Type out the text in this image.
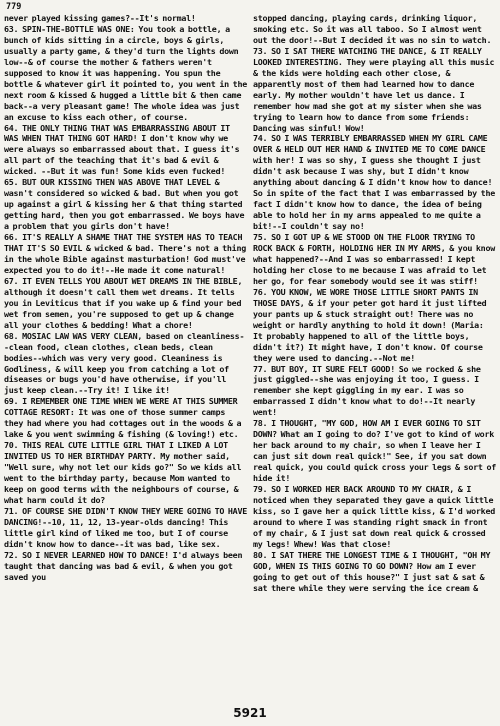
779

never played kissing games?--It's normal!

63. SPIN-THE-BOTTLE WAS ONE: You took a bottle, a bunch of kids sitting in a circle, boys & girls, usually a party game, & they'd turn the lights down low--& of course the mother & fathers weren't supposed to know it was happening. You spun the bottle & whatever girl it pointed to, you went in the next room & kissed & hugged a little bit & then came back--a very pleasant game! The whole idea was just an excuse to kiss each other, of course.

64. THE ONLY THING THAT WAS EMBARRASSING ABOUT IT WAS WHEN THAT THING GOT HARD! I don't know why we were always so embarrassed about that. I guess it's all part of the teaching that it's bad & evil & wicked. --But it was fun! Some kids even fucked!

65. BUT OUR KISSING THEN WAS ABOVE THAT LEVEL & wasn't considered so wicked & bad. But when you got up against a girl & kissing her & that thing started getting hard, then you got embarrassed. We boys have a problem that you girls don't have!

66. IT'S REALLY A SHAME THAT THE SYSTEM HAS TO TEACH THAT IT'S SO EVIL & wicked & bad. There's not a thing in the whole Bible against masturbation! God must've expected you to do it!--He made it come natural!

67. IT EVEN TELLS YOU ABOUT WET DREAMS IN THE BIBLE, although it doesn't call them wet dreams. It tells you in Leviticus that if you wake up & find your bed wet from semen, you're supposed to get up & change all your clothes & bedding! What a chore!

68. MOSIAC LAW WAS VERY CLEAN, based on cleanliness--clean food, clean clothes, clean beds, clean bodies--which was very very good. Cleaniness is Godliness, & will keep you from catching a lot of diseases or bugs you'd have otherwise, if you'll just keep clean.--Try it! I like it!

69. I REMEMBER ONE TIME WHEN WE WERE AT THIS SUMMER COTTAGE RESORT: It was one of those summer camps they had where you had cottages out in the woods & a lake & you went swimming & fishing (& loving!) etc.

70. THIS REAL CUTE LITTLE GIRL THAT I LIKED A LOT INVITED US TO HER BIRTHDAY PARTY. My mother said, "Well sure, why not let our kids go?" So we kids all went to the birthday party, because Mom wanted to keep on good terms with the neighbours of course, & what harm could it do?

71. OF COURSE SHE DIDN'T KNOW THEY WERE GOING TO HAVE DANCING!--10, 11, 12, 13-year-olds dancing! This little girl kind of liked me too, but I of course didn't know how to dance--it was bad, like sex.

72. SO I NEVER LEARNED HOW TO DANCE! I'd always been taught that dancing was bad & evil, & when you got saved you

stopped dancing, playing cards, drinking liquor, smoking etc. So it was all taboo. So I almost went out the door!--But I decided it was no sin to watch.

73. SO I SAT THERE WATCHING THE DANCE, & IT REALLY LOOKED INTERESTING. They were playing all this music & the kids were holding each other close, & apparently most of them had learned how to dance early. My mother wouldn't have let us dance. I remember how mad she got at my sister when she was trying to learn how to dance from some friends: Dancing was sinful! Wow!

74. SO I WAS TERRIBLY EMBARRASSED WHEN MY GIRL CAME OVER & HELD OUT HER HAND & INVITED ME TO COME DANCE with her! I was so shy, I guess she thought I just didn't ask because I was shy, but I didn't know anything about dancing & I didn't know how to dance! So in spite of the fact that I was embarrassed by the fact I didn't know how to dance, the idea of being able to hold her in my arms appealed to me quite a bit!--I couldn't say no!

75. SO I GOT UP & WE STOOD ON THE FLOOR TRYING TO ROCK BACK & FORTH, HOLDING HER IN MY ARMS, & you know what happened?--And I was so embarrassed! I kept holding her close to me because I was afraid to let her go, for fear somebody would see it was stiff!

76. YOU KNOW, WE WORE THOSE LITTLE SHORT PANTS IN THOSE DAYS, & if your peter got hard it just lifted your pants up & stuck straight out! There was no weight or hardly anything to hold it down! (Maria: It probably happened to all of the little boys, didn't it?) It might have, I don't know. Of course they were used to dancing.--Not me!

77. BUT BOY, IT SURE FELT GOOD! So we rocked & she just giggled--she was enjoying it too, I guess. I remember she kept giggling in my ear. I was so embarrassed I didn't know what to do!--It nearly went!

78. I THOUGHT, "MY GOD, HOW AM I EVER GOING TO SIT DOWN? What am I going to do? I've got to kind of work her back around to my chair, so when I leave her I can just sit down real quick!" See, if you sat down real quick, you could quick cross your legs & sort of hide it!

79. SO I WORKED HER BACK AROUND TO MY CHAIR, & I noticed when they separated they gave a quick little kiss, so I gave her a quick little kiss, & I'd worked around to where I was standing right smack in front of my chair, & I just sat down real quick & crossed my legs! Whew! Was that close!

80. I SAT THERE THE LONGEST TIME & I THOUGHT, "OH MY GOD, WHEN IS THIS GOING TO GO DOWN? How am I ever going to get out of this house?" I just sat & sat & sat there while they were serving the ice cream &

5921
